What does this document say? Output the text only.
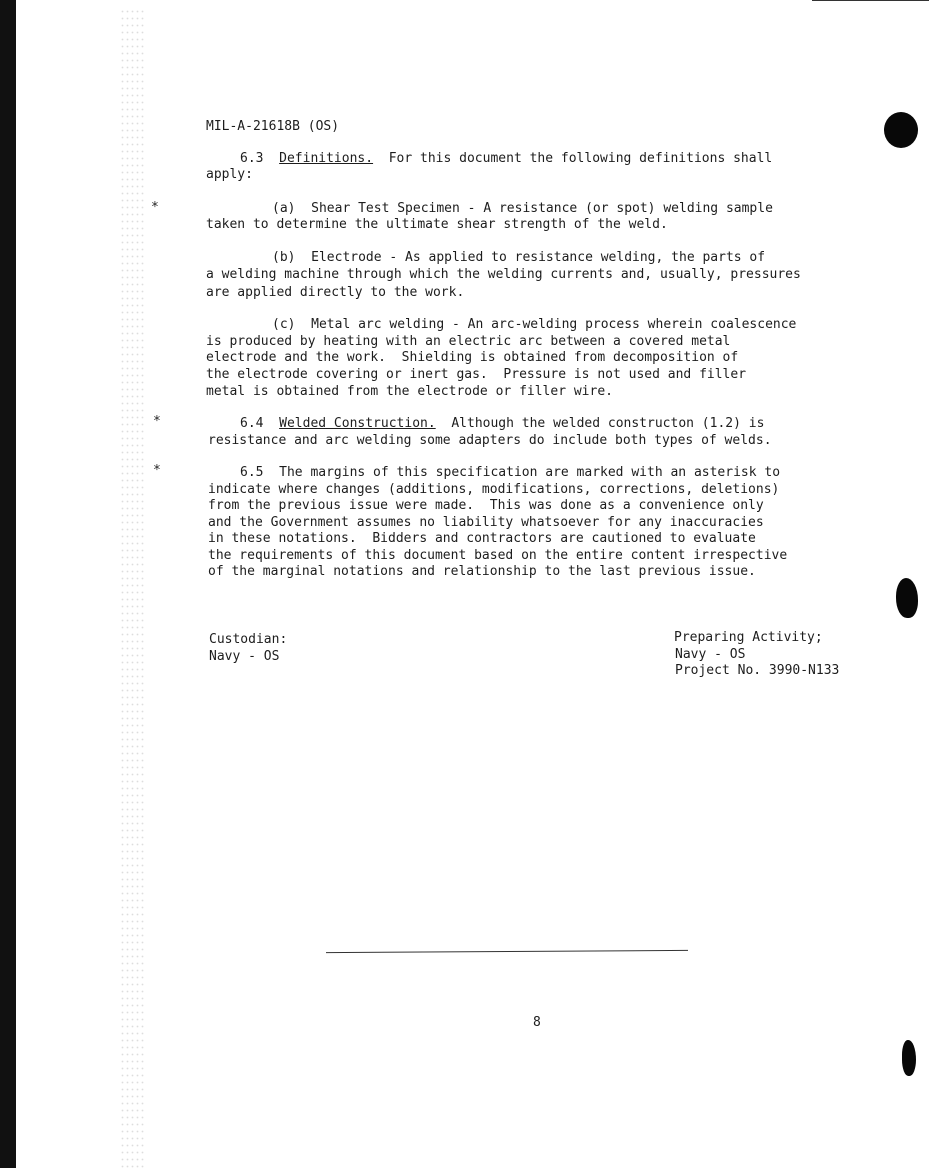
MIL-A-21618B (OS)
6.3 Definitions. For this document the following definitions shall
apply:
*	(a)  Shear Test Specimen - A resistance (or spot) welding sample
taken to determine the ultimate shear strength of the weld.
(b)  Electrode - As applied to resistance welding, the parts of
a welding machine through which the welding currents and, usually, pressures
are applied directly to the work.
(c)  Metal arc welding - An arc-welding process wherein coalescence
is produced by heating with an electric arc between a covered metal
electrode and the work.  Shielding is obtained from decomposition of
the electrode covering or inert gas.  Pressure is not used and filler
metal is obtained from the electrode or filler wire.
*	6.4 Welded Construction. Although the welded constructon (1.2) is
resistance and arc welding some adapters do include both types of welds.
*	6.5 The margins of this specification are marked with an asterisk to
indicate where changes (additions, modifications, corrections, deletions)
from the previous issue were made.  This was done as a convenience only
and the Government assumes no liability whatsoever for any inaccuracies
in these notations.  Bidders and contractors are cautioned to evaluate
the requirements of this document based on the entire content irrespective
of the marginal notations and relationship to the last previous issue.
Custodian:
Navy - OS
Preparing Activity;
Navy - OS
Project No. 3990-N133
8
